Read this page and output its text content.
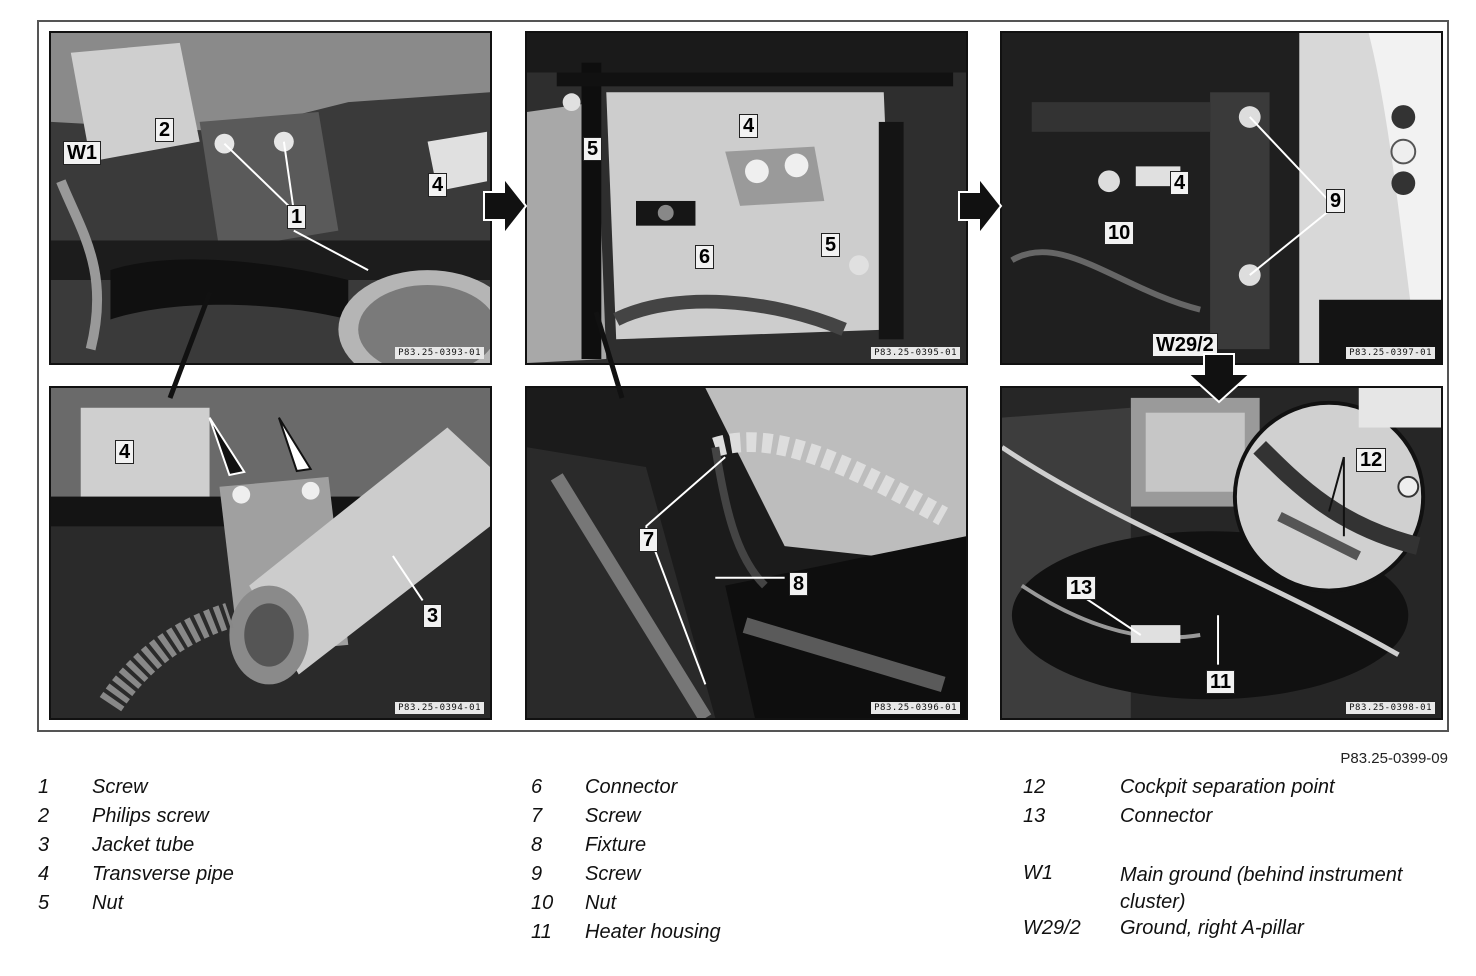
W1
2
1
4
P83.25-0393-01
5
4
6
5
P83.25-0395-01
4
9
10
W29/2	P83.25-0397-01
4
3
P83.25-0394-01
7
8
P83.25-0396-01
12
13
11
P83.25-0398-01
P83.25-0399-09
1 Screw
2 Philips screw
3 Jacket tube
4 Transverse pipe
5 Nut
6 Connector
7 Screw
8 Fixture
9 Screw
10 Nut
11 Heater housing
12	Cockpit separation point
13	Connector
W1	Main ground (behind instrument cluster)
W29/2 Ground, right A-pillar
